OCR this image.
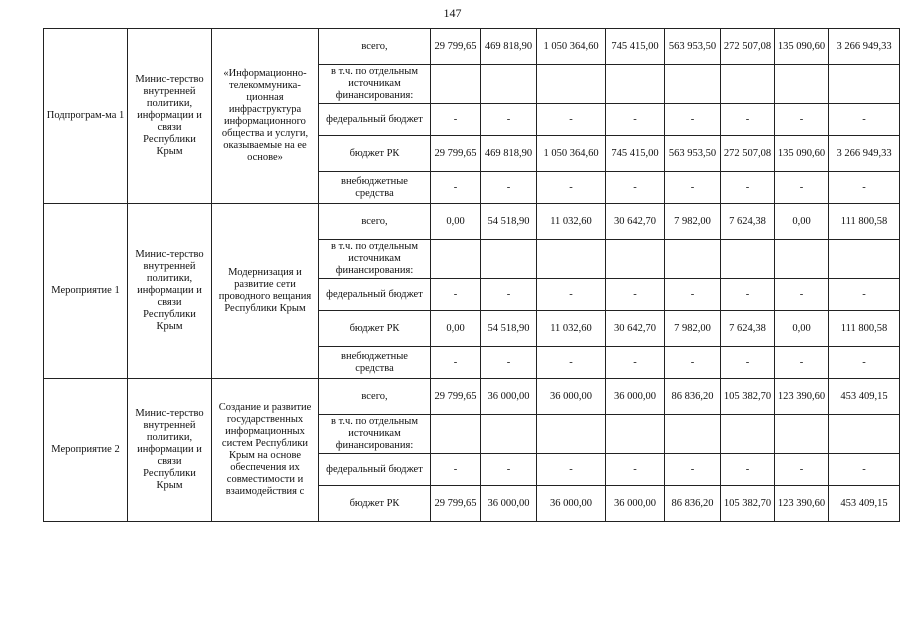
147
Подпрограм-ма 1	Минис-терство внутренней политики, информации и связи Республики Крым	«Информационно-телекоммуника-ционная инфраструктура информационного общества и услуги, оказываемые на ее основе»	всего,	29 799,65	469 818,90	1 050 364,60	745 415,00	563 953,50	272 507,08	135 090,60	3 266 949,33
			в т.ч. по отдельным источникам финансирования:								
			федеральный бюджет	-	-	-	-	-	-	-	-
			бюджет РК	29 799,65	469 818,90	1 050 364,60	745 415,00	563 953,50	272 507,08	135 090,60	3 266 949,33
			внебюджетные средства	-	-	-	-	-	-	-	-
Мероприятие 1	Минис-терство внутренней политики, информации и связи Республики Крым	Модернизация и развитие сети проводного вещания Республики Крым	всего,	0,00	54 518,90	11 032,60	30 642,70	7 982,00	7 624,38	0,00	111 800,58
			в т.ч. по отдельным источникам финансирования:								
			федеральный бюджет	-	-	-	-	-	-	-	-
			бюджет РК	0,00	54 518,90	11 032,60	30 642,70	7 982,00	7 624,38	0,00	111 800,58
			внебюджетные средства	-	-	-	-	-	-	-	-
Мероприятие 2	Минис-терство внутренней политики, информации и связи Республики Крым	Создание и развитие государственных информационных систем Республики Крым на основе обеспечения их совместимости и взаимодействия с	всего,	29 799,65	36 000,00	36 000,00	36 000,00	86 836,20	105 382,70	123 390,60	453 409,15
			в т.ч. по отдельным источникам финансирования:								
			федеральный бюджет	-	-	-	-	-	-	-	-
			бюджет РК	29 799,65	36 000,00	36 000,00	36 000,00	86 836,20	105 382,70	123 390,60	453 409,15
